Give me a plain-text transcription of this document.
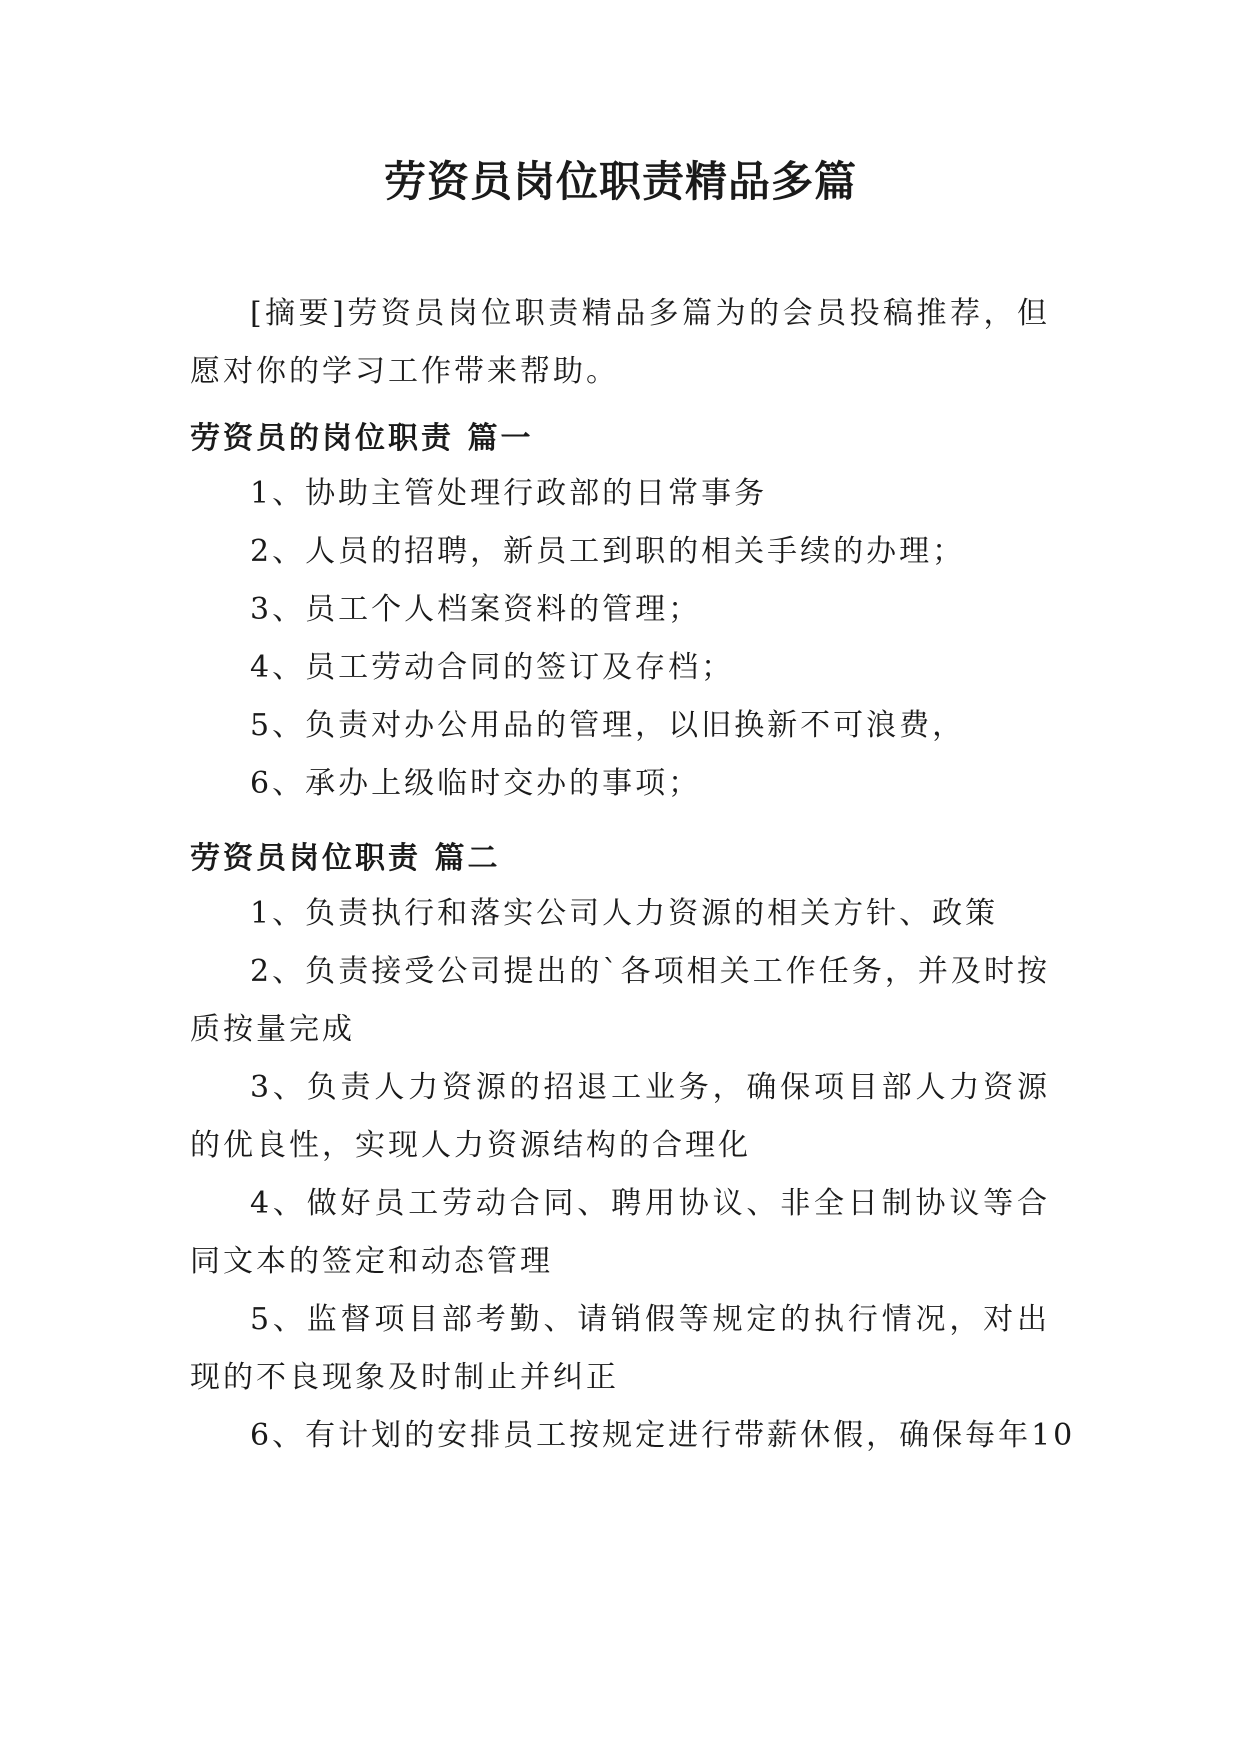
劳资员岗位职责精品多篇

[摘要]劳资员岗位职责精品多篇为的会员投稿推荐，但愿对你的学习工作带来帮助。

劳资员的岗位职责 篇一
1、协助主管处理行政部的日常事务
2、人员的招聘，新员工到职的相关手续的办理；
3、员工个人档案资料的管理；
4、员工劳动合同的签订及存档；
5、负责对办公用品的管理，以旧换新不可浪费，
6、承办上级临时交办的事项；
劳资员岗位职责 篇二
1、负责执行和落实公司人力资源的相关方针、政策
2、负责接受公司提出的`各项相关工作任务，并及时按质按量完成
3、负责人力资源的招退工业务，确保项目部人力资源的优良性，实现人力资源结构的合理化
4、做好员工劳动合同、聘用协议、非全日制协议等合同文本的签定和动态管理
5、监督项目部考勤、请销假等规定的执行情况，对出现的不良现象及时制止并纠正
6、有计划的安排员工按规定进行带薪休假，确保每年10
